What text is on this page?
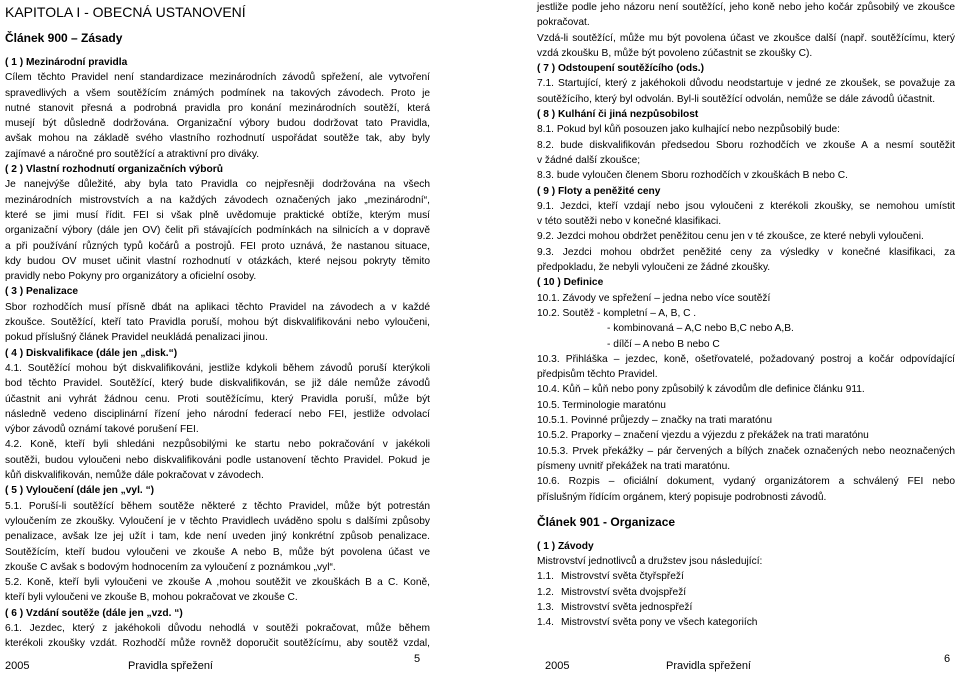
KAPITOLA I - OBECNÁ USTANOVENÍ
Článek 900 – Zásady
( 1 ) Mezinárodní pravidla
Cílem těchto Pravidel není standardizace mezinárodních závodů spřežení, ale vytvoření
spravedlivých a všem soutěžícím známých podmínek na takových závodech. Proto je
nutné stanovit přesná a podrobná pravidla pro konání mezinárodních soutěží, která
musejí být důsledně dodržována. Organizační výbory budou dodržovat tato Pravidla,
avšak mohou na základě svého vlastního rozhodnutí uspořádat soutěže tak, aby byly
zajímavé a náročné pro soutěžící a atraktivní pro diváky.
( 2 ) Vlastní rozhodnutí organizačních výborů
Je nanejvýše důležité, aby byla tato Pravidla co nejpřesněji dodržována na všech
mezinárodních mistrovstvích a na každých závodech označených jako „mezinárodní“,
které se jimi musí řídit. FEI si však plně uvědomuje praktické obtíže, kterým musí
organizační výbory (dále jen OV) čelit při stávajících podmínkách na silnicích a v dopravě
a při používání různých typů kočárů a postrojů. FEI proto uznává, že nastanou situace,
kdy budou OV muset učinit vlastní rozhodnutí v otázkách, které nejsou pokryty těmito
pravidly nebo Pokyny pro organizátory a oficielní osoby.
( 3 ) Penalizace
Sbor rozhodčích musí přísně dbát na aplikaci těchto Pravidel na závodech a v každé
zkoušce. Soutěžící, kteří tato Pravidla poruší, mohou být diskvalifikováni nebo vyloučeni,
pokud příslušný článek Pravidel neukládá penalizaci jinou.
( 4 ) Diskvalifikace (dále jen „disk.“)
4.1. Soutěžící mohou být diskvalifikováni, jestliže kdykoli během závodů poruší kterýkoli
bod těchto Pravidel. Soutěžící, který bude diskvalifikován, se již dále nemůže závodů
účastnit ani vyhrát žádnou cenu. Proti soutěžícímu, který Pravidla poruší, může být
následně vedeno disciplinární řízení jeho národní federací nebo FEI, jestliže odvolací
výbor závodů oznámí takové porušení FEI.
4.2. Koně, kteří byli shledáni nezpůsobilými ke startu nebo pokračování v jakékoli
soutěži, budou vyloučeni nebo diskvalifikováni podle ustanovení těchto Pravidel. Pokud je
kůň diskvalifikován, nemůže dále pokračovat v závodech.
( 5 ) Vyloučení (dále jen „vyl. “)
5.1. Poruší-li soutěžící během soutěže některé z těchto Pravidel, může být potrestán
vyloučením ze zkoušky. Vyloučení je v těchto Pravidlech uváděno spolu s dalšími způsoby
penalizace, avšak lze jej užít i tam, kde není uveden jiný konkrétní způsob penalizace.
Soutěžícím, kteří budou vyloučeni ve zkouše A nebo B, může být povolena účast ve
zkouše C avšak s bodovým hodnocením za vyloučení z poznámkou „vyl“.
5.2. Koně, kteří byli vyloučeni ve zkouše A ,mohou soutěžit ve zkouškách B a C. Koně,
kteří byli vyloučeni ve zkouše B, mohou pokračovat ve zkouše C.
( 6 ) Vzdání soutěže (dále jen „vzd. “)
6.1. Jezdec, který z jakéhokoli důvodu nehodlá v soutěži pokračovat, může během
kterékoli zkoušky vzdát. Rozhodčí může rovněž doporučit soutěžícímu, aby soutěž vzdal,
2005	Pravidla spřežení
5
jestliže podle jeho názoru není soutěžící, jeho koně nebo jeho kočár způsobilý ve zkoušce
pokračovat.
Vzdá-li soutěžící, může mu být povolena účast ve zkoušce další (např. soutěžícímu, který
vzdá zkoušku B, může být povoleno zúčastnit se zkoušky C).
( 7 ) Odstoupení soutěžícího (ods.)
7.1. Startující, který z jakéhokoli důvodu neodstartuje v jedné ze zkoušek, se považuje za
soutěžícího, který byl odvolán. Byl-li soutěžící odvolán, nemůže se dále závodů účastnit.
( 8 ) Kulhání či jiná nezpůsobilost
8.1. Pokud byl kůň posouzen jako kulhající nebo nezpůsobilý bude:
8.2. bude diskvalifikován předsedou Sboru rozhodčích ve zkouše A a nesmí soutěžit
v žádné další zkoušce;
8.3. bude vyloučen členem Sboru rozhodčích v zkouškách B nebo C.
( 9 ) Floty a peněžité ceny
9.1. Jezdci, kteří vzdají nebo jsou vyloučeni z kterékoli zkoušky, se nemohou umístit
v této soutěži nebo v konečné klasifikaci.
9.2. Jezdci mohou obdržet peněžitou cenu jen v té zkoušce, ze které nebyli vyloučeni.
9.3. Jezdci mohou obdržet peněžité ceny za výsledky v konečné klasifikaci, za
předpokladu, že nebyli vyloučeni ze žádné zkoušky.
( 10 ) Definice
10.1. Závody ve spřežení – jedna nebo více soutěží
10.2. Soutěž - kompletní – A, B, C .
- kombinovaná – A,C nebo B,C nebo A,B.
- dílčí – A nebo B nebo C
10.3. Přihláška – jezdec, koně, ošetřovatelé, požadovaný postroj a kočár odpovídající
předpisům těchto Pravidel.
10.4. Kůň – kůň nebo pony způsobilý k závodům dle definice článku 911.
10.5. Terminologie maratónu
10.5.1. Povinné průjezdy – značky na trati maratónu
10.5.2. Praporky – značení vjezdu a výjezdu z překážek na trati maratónu
10.5.3. Prvek překážky – pár červených a bílých značek označených nebo neoznačených
písmeny uvnitř překážek na trati maratónu.
10.6. Rozpis – oficiální dokument, vydaný organizátorem a schválený FEI nebo
příslušným řídícím orgánem, který popisuje podrobnosti závodů.
Článek 901 - Organizace
( 1 ) Závody
Mistrovství jednotlivců a družstev jsou následující:
1.1. Mistrovství světa čtyřspřeží
1.2. Mistrovství světa dvojspřeží
1.3. Mistrovství světa jednospřeží
1.4. Mistrovství světa pony ve všech kategoriích
2005	Pravidla spřežení
6
